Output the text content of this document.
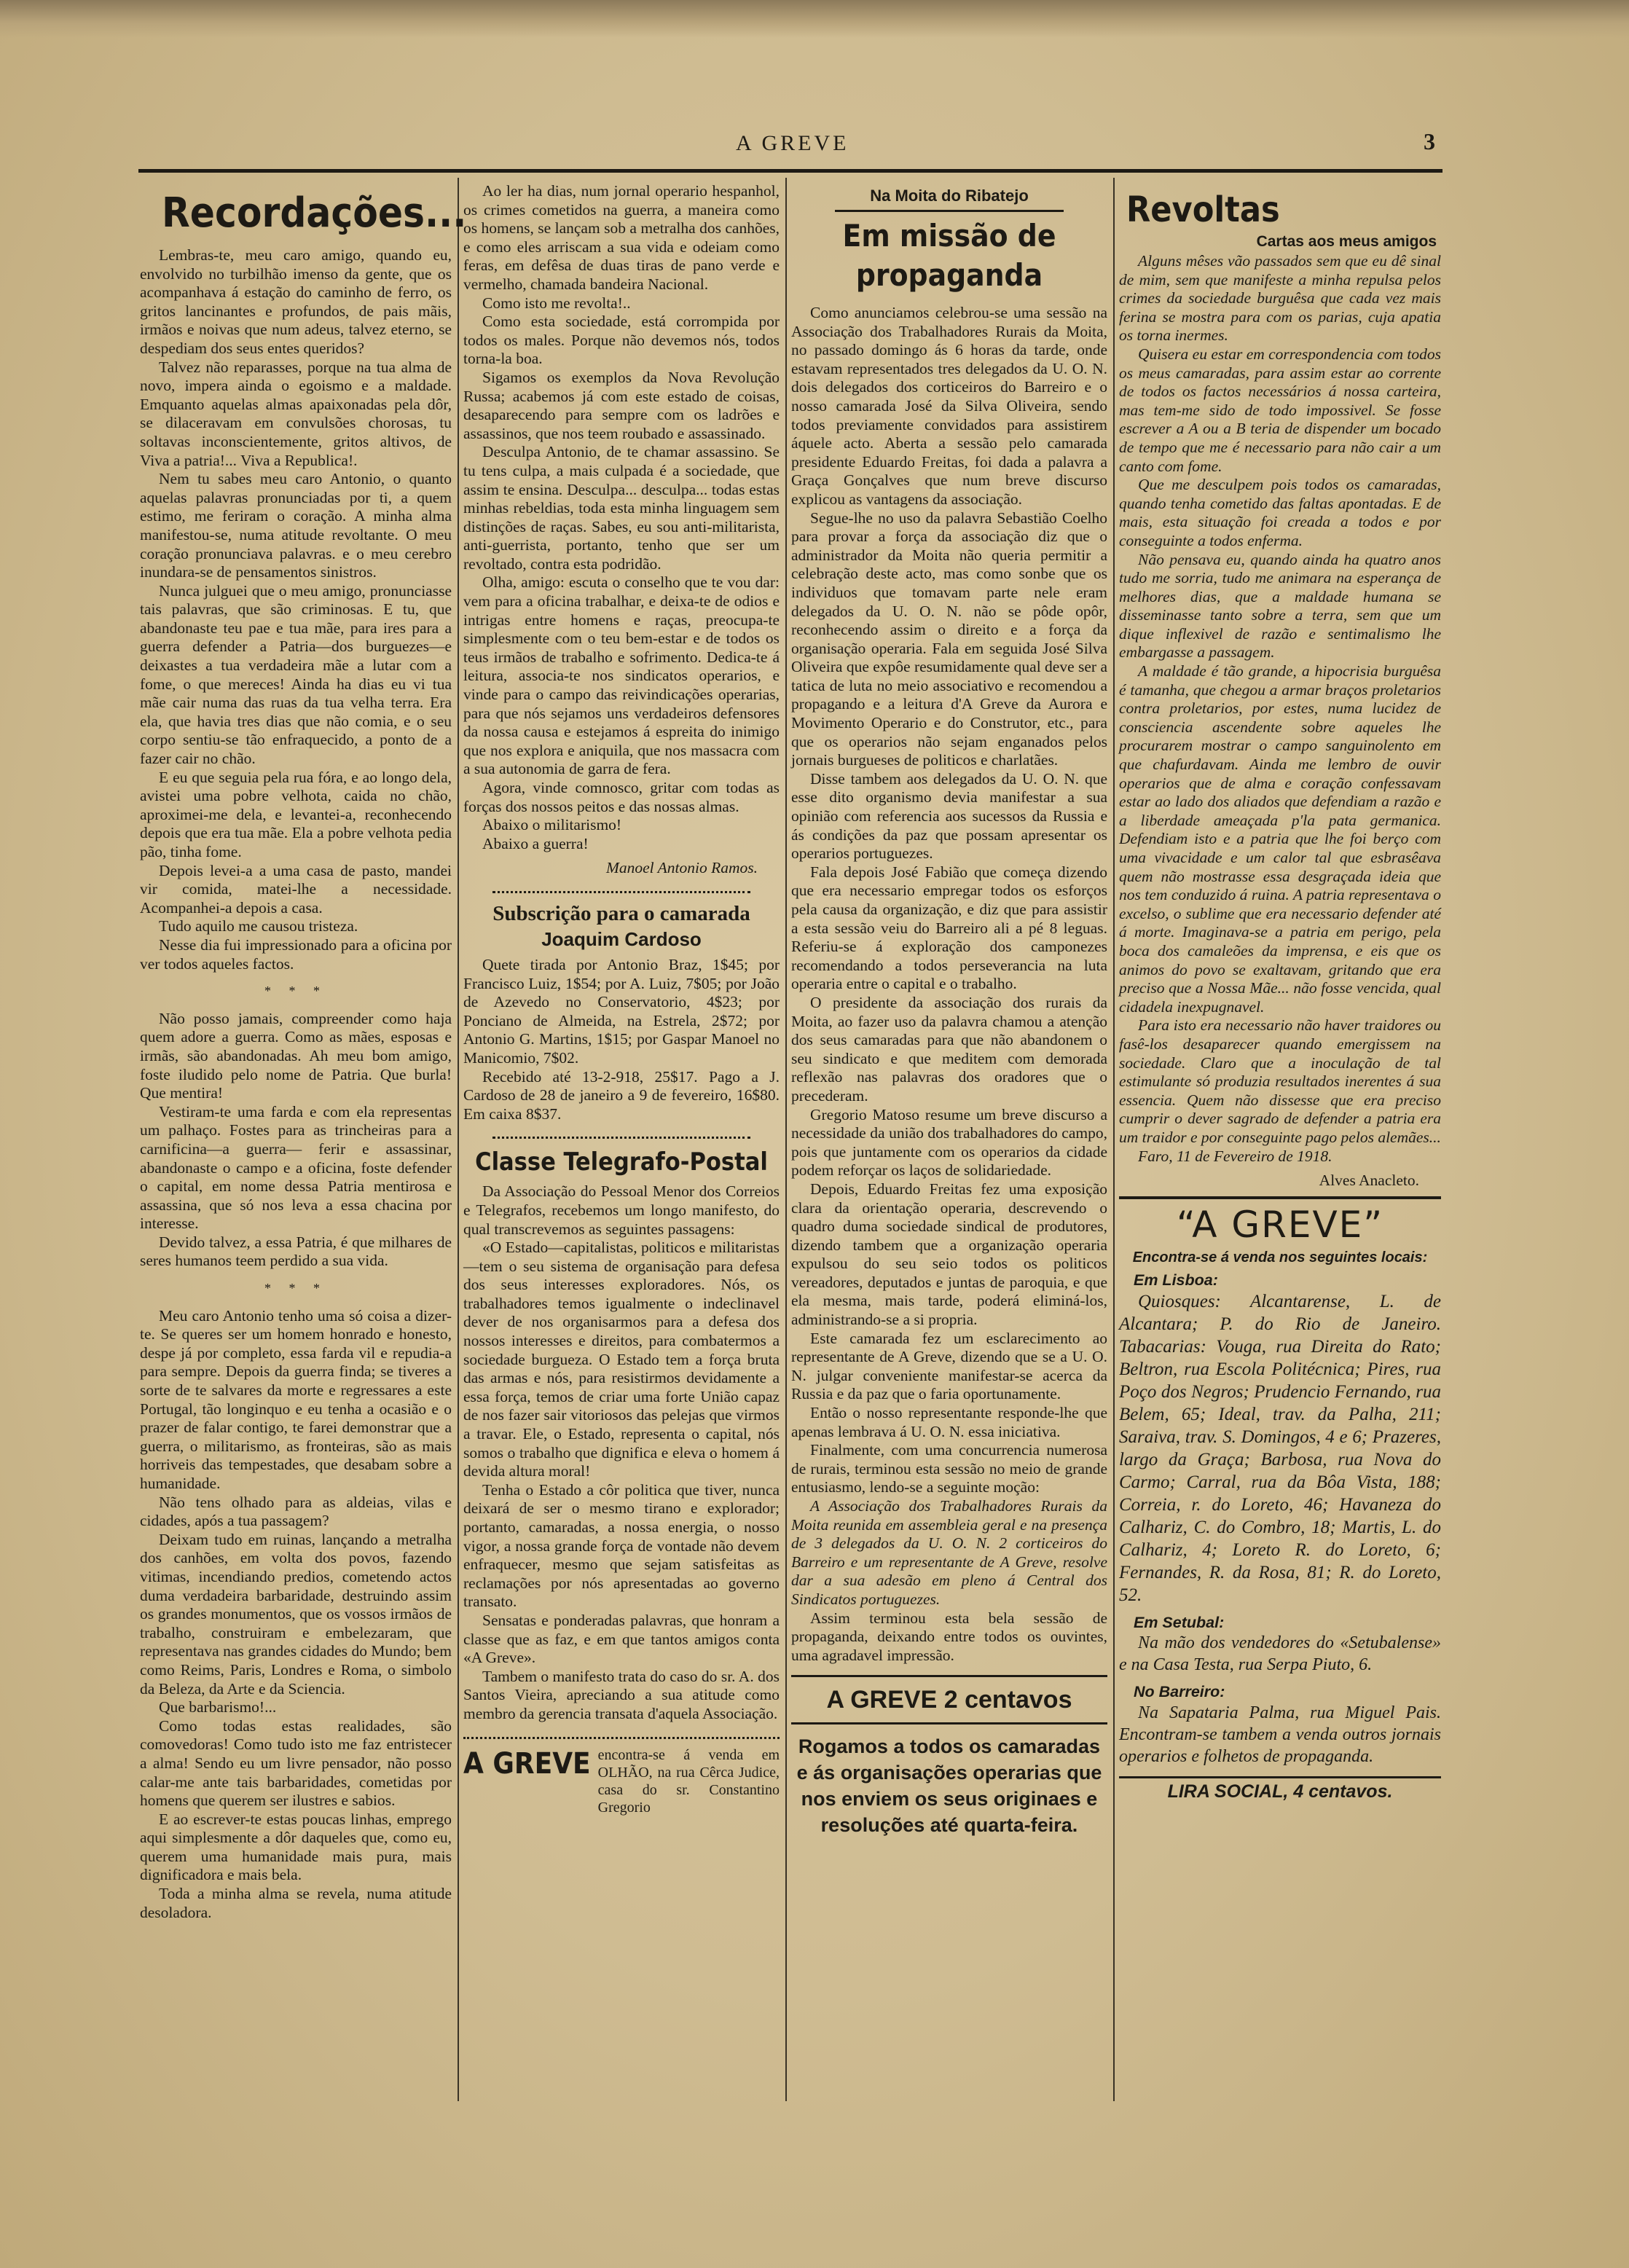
A GREVE	3
Recordações...

Lembras-te, meu caro amigo, quando eu, envolvido no turbilhão imenso da gente, que os acompanhava á estação do caminho de ferro, os gritos lancinantes e profundos, de pais mãis, irmãos e noivas que num adeus, talvez eterno, se despediam dos seus entes queridos?

Talvez não reparasses, porque na tua alma de novo, impera ainda o egoismo e a maldade. Emquanto aquelas almas apaixonadas pela dôr, se dilaceravam em convulsões chorosas, tu soltavas inconscientemente, gritos altivos, de Viva a patria!... Viva a Republica!.

Nem tu sabes meu caro Antonio, o quanto aquelas palavras pronunciadas por ti, a quem estimo, me feriram o coração. A minha alma manifestou-se, numa atitude revoltante. O meu coração pronunciava palavras. e o meu cerebro inundara-se de pensamentos sinistros.

Nunca julguei que o meu amigo, pronunciasse tais palavras, que são criminosas. E tu, que abandonaste teu pae e tua mãe, para ires para a guerra defender a Patria—dos burguezes—e deixastes a tua verdadeira mãe a lutar com a fome, o que mereces! Ainda ha dias eu vi tua mãe cair numa das ruas da tua velha terra. Era ela, que havia tres dias que não comia, e o seu corpo sentiu-se tão enfraquecido, a ponto de a fazer cair no chão.

E eu que seguia pela rua fóra, e ao longo dela, avistei uma pobre velhota, caida no chão, aproximei-me dela, e levantei-a, reconhecendo depois que era tua mãe. Ela a pobre velhota pedia pão, tinha fome.

Depois levei-a a uma casa de pasto, mandei vir comida, matei-lhe a necessidade. Acompanhei-a depois a casa.

Tudo aquilo me causou tristeza.

Nesse dia fui impressionado para a oficina por ver todos aqueles factos.

* * *

Não posso jamais, compreender como haja quem adore a guerra. Como as mães, esposas e irmãs, são abandonadas. Ah meu bom amigo, foste iludido pelo nome de Patria. Que burla! Que mentira!

Vestiram-te uma farda e com ela representas um palhaço. Fostes para as trincheiras para a carnificina—a guerra— ferir e assassinar, abandonaste o campo e a oficina, foste defender o capital, em nome dessa Patria mentirosa e assassina, que só nos leva a essa chacina por interesse.

Devido talvez, a essa Patria, é que milhares de seres humanos teem perdido a sua vida.

* * *

Meu caro Antonio tenho uma só coisa a dizer-te. Se queres ser um homem honrado e honesto, despe já por completo, essa farda vil e repudia-a para sempre. Depois da guerra finda; se tiveres a sorte de te salvares da morte e regressares a este Portugal, tão longinquo e eu tenha a ocasião e o prazer de falar contigo, te farei demonstrar que a guerra, o militarismo, as fronteiras, são as mais horriveis das tempestades, que desabam sobre a humanidade.

Não tens olhado para as aldeias, vilas e cidades, após a tua passagem?

Deixam tudo em ruinas, lançando a metralha dos canhões, em volta dos povos, fazendo vitimas, incendiando predios, cometendo actos duma verdadeira barbaridade, destruindo assim os grandes monumentos, que os vossos irmãos de trabalho, construiram e embelezaram, que representava nas grandes cidades do Mundo; bem como Reims, Paris, Londres e Roma, o simbolo da Beleza, da Arte e da Sciencia.

Que barbarismo!...

Como todas estas realidades, são comovedoras! Como tudo isto me faz entristecer a alma! Sendo eu um livre pensador, não posso calar-me ante tais barbaridades, cometidas por homens que querem ser ilustres e sabios.

E ao escrever-te estas poucas linhas, emprego aqui simplesmente a dôr daqueles que, como eu, querem uma humanidade mais pura, mais dignificadora e mais bela.

Toda a minha alma se revela, numa atitude desoladora.

Ao ler ha dias, num jornal operario hespanhol, os crimes cometidos na guerra, a maneira como os homens, se lançam sob a metralha dos canhões, e como eles arriscam a sua vida e odeiam como feras, em defêsa de duas tiras de pano verde e vermelho, chamada bandeira Nacional.

Como isto me revolta!..

Como esta sociedade, está corrompida por todos os males. Porque não devemos nós, todos torna-la boa.

Sigamos os exemplos da Nova Revolução Russa; acabemos já com este estado de coisas, desaparecendo para sempre com os ladrões e assassinos, que nos teem roubado e assassinado.

Desculpa Antonio, de te chamar assassino. Se tu tens culpa, a mais culpada é a sociedade, que assim te ensina. Desculpa... desculpa... todas estas minhas rebeldias, toda esta minha linguagem sem distinções de raças. Sabes, eu sou anti-militarista, anti-guerrista, portanto, tenho que ser um revoltado, contra esta podridão.

Olha, amigo: escuta o conselho que te vou dar: vem para a oficina trabalhar, e deixa-te de odios e intrigas entre homens e raças, preocupa-te simplesmente com o teu bem-estar e de todos os teus irmãos de trabalho e sofrimento. Dedica-te á leitura, associa-te nos sindicatos operarios, e vinde para o campo das reivindicações operarias, para que nós sejamos uns verdadeiros defensores da nossa causa e estejamos á espreita do inimigo que nos explora e aniquila, que nos massacra com a sua autonomia de garra de fera.

Agora, vinde comnosco, gritar com todas as forças dos nossos peitos e das nossas almas.

Abaixo o militarismo!

Abaixo a guerra!

Manoel Antonio Ramos.

Subscrição para o camarada
Joaquim Cardoso

Quete tirada por Antonio Braz, 1$45; por Francisco Luiz, 1$54; por A. Luiz, 7$05; por João de Azevedo no Conservatorio, 4$23; por Ponciano de Almeida, na Estrela, 2$72; por Antonio G. Martins, 1$15; por Gaspar Manoel no Manicomio, 7$02.

Recebido até 13-2-918, 25$17. Pago a J. Cardoso de 28 de janeiro a 9 de fevereiro, 16$80. Em caixa 8$37.

Classe Telegrafo-Postal

Da Associação do Pessoal Menor dos Correios e Telegrafos, recebemos um longo manifesto, do qual transcrevemos as seguintes passagens:

«O Estado—capitalistas, politicos e militaristas—tem o seu sistema de organisação para defesa dos seus interesses exploradores. Nós, os trabalhadores temos igualmente o indeclinavel dever de nos organisarmos para a defesa dos nossos interesses e direitos, para combatermos a sociedade burgueza. O Estado tem a força bruta das armas e nós, para resistirmos devidamente a essa força, temos de criar uma forte União capaz de nos fazer sair vitoriosos das pelejas que virmos a travar. Ele, o Estado, representa o capital, nós somos o trabalho que dignifica e eleva o homem á devida altura moral!

Tenha o Estado a côr politica que tiver, nunca deixará de ser o mesmo tirano e explorador; portanto, camaradas, a nossa energia, o nosso vigor, a nossa grande força de vontade não devem enfraquecer, mesmo que sejam satisfeitas as reclamações por nós apresentadas ao governo transato.

Sensatas e ponderadas palavras, que honram a classe que as faz, e em que tantos amigos conta «A Greve».

Tambem o manifesto trata do caso do sr. A. dos Santos Vieira, apreciando a sua atitude como membro da gerencia transata d'aquela Associação.

A GREVE encontra-se á venda em OLHÃO, na rua Cêrca Judice, casa do sr. Constantino Gregorio
Na Moita do Ribatejo
Em missão de propaganda

Como anunciamos celebrou-se uma sessão na Associação dos Trabalhadores Rurais da Moita, no passado domingo ás 6 horas da tarde, onde estavam representados tres delegados da U. O. N. dois delegados dos corticeiros do Barreiro e o nosso camarada José da Silva Oliveira, sendo todos previamente convidados para assistirem áquele acto. Aberta a sessão pelo camarada presidente Eduardo Freitas, foi dada a palavra a Graça Gonçalves que num breve discurso explicou as vantagens da associação.

Segue-lhe no uso da palavra Sebastião Coelho para provar a força da associação diz que o administrador da Moita não queria permitir a celebração deste acto, mas como sonbe que os individuos que tomavam parte nele eram delegados da U. O. N. não se pôde opôr, reconhecendo assim o direito e a força da organisação operaria. Fala em seguida José Silva Oliveira que expôe resumidamente qual deve ser a tatica de luta no meio associativo e recomendou a propagando e a leitura d'A Greve da Aurora e Movimento Operario e do Construtor, etc., para que os operarios não sejam enganados pelos jornais burgueses de politicos e charlatães.

Disse tambem aos delegados da U. O. N. que esse dito organismo devia manifestar a sua opinião com referencia aos sucessos da Russia e ás condições da paz que possam apresentar os operarios portuguezes.

Fala depois José Fabião que começa dizendo que era necessario empregar todos os esforços pela causa da organização, e diz que para assistir a esta sessão veiu do Barreiro ali a pé 8 leguas. Referiu-se á exploração dos camponezes recomendando a todos perseverancia na luta operaria entre o capital e o trabalho.

O presidente da associação dos rurais da Moita, ao fazer uso da palavra chamou a atenção dos seus camaradas para que não abandonem o seu sindicato e que meditem com demorada reflexão nas palavras dos oradores que o precederam.

Gregorio Matoso resume um breve discurso a necessidade da união dos trabalhadores do campo, pois que juntamente com os operarios da cidade podem reforçar os laços de solidariedade.

Depois, Eduardo Freitas fez uma exposição clara da orientação operaria, descrevendo o quadro duma sociedade sindical de produtores, dizendo tambem que a organização operaria expulsou do seu seio todos os politicos vereadores, deputados e juntas de paroquia, e que ela mesma, mais tarde, poderá eliminá-los, administrando-se a si propria.

Este camarada fez um esclarecimento ao representante de A Greve, dizendo que se a U. O. N. julgar conveniente manifestar-se acerca da Russia e da paz que o faria oportunamente.

Então o nosso representante responde-lhe que apenas lembrava á U. O. N. essa iniciativa.

Finalmente, com uma concurrencia numerosa de rurais, terminou esta sessão no meio de grande entusiasmo, lendo-se a seguinte moção:

A Associação dos Trabalhadores Rurais da Moita reunida em assembleia geral e na presença de 3 delegados da U. O. N. 2 corticeiros do Barreiro e um representante de A Greve, resolve dar a sua adesão em pleno á Central dos Sindicatos portuguezes.

Assim terminou esta bela sessão de propaganda, deixando entre todos os ouvintes, uma agradavel impressão.

A GREVE 2 centavos

Rogamos a todos os camaradas e ás organisações operarias que nos enviem os seus originaes e resoluções até quarta-feira.

Revoltas
Cartas aos meus amigos

Alguns mêses vão passados sem que eu dê sinal de mim, sem que manifeste a minha repulsa pelos crimes da sociedade burguêsa que cada vez mais ferina se mostra para com os parias, cuja apatia os torna inermes.

Quisera eu estar em correspondencia com todos os meus camaradas, para assim estar ao corrente de todos os factos necessários á nossa carteira, mas tem-me sido de todo impossivel. Se fosse escrever a A ou a B teria de dispender um bocado de tempo que me é necessario para não cair a um canto com fome.

Que me desculpem pois todos os camaradas, quando tenha cometido das faltas apontadas. E de mais, esta situação foi creada a todos e por conseguinte a todos enferma.

Não pensava eu, quando ainda ha quatro anos tudo me sorria, tudo me animara na esperança de melhores dias, que a maldade humana se disseminasse tanto sobre a terra, sem que um dique inflexivel de razão e sentimalismo lhe embargasse a passagem.

A maldade é tão grande, a hipocrisia burguêsa é tamanha, que chegou a armar braços proletarios contra proletarios, por estes, numa lucidez de consciencia ascendente sobre aqueles lhe procurarem mostrar o campo sanguinolento em que chafurdavam. Ainda me lembro de ouvir operarios que de alma e coração confessavam estar ao lado dos aliados que defendiam a razão e a liberdade ameaçada p'la pata germanica. Defendiam isto e a patria que lhe foi berço com uma vivacidade e um calor tal que esbrasêava quem não mostrasse essa desgraçada ideia que nos tem conduzido á ruina. A patria representava o excelso, o sublime que era necessario defender até á morte. Imaginava-se a patria em perigo, pela boca dos camaleões da imprensa, e eis que os animos do povo se exaltavam, gritando que era preciso que a Nossa Mãe... não fosse vencida, qual cidadela inexpugnavel.

Para isto era necessario não haver traidores ou fasê-los desaparecer quando emergissem na sociedade. Claro que a inoculação de tal estimulante só produzia resultados inerentes á sua essencia. Quem não dissesse que era preciso cumprir o dever sagrado de defender a patria era um traidor e por conseguinte pago pelos alemães...

Faro, 11 de Fevereiro de 1918.

Alves Anacleto.

“A GREVE”

Encontra-se á venda nos seguintes locais:

Em Lisboa:

Quiosques: Alcantarense, L. de Alcantara; P. do Rio de Janeiro. Tabacarias: Vouga, rua Direita do Rato; Beltron, rua Escola Politécnica; Pires, rua Poço dos Negros; Prudencio Fernando, rua Belem, 65; Ideal, trav. da Palha, 211; Saraiva, trav. S. Domingos, 4 e 6; Prazeres, largo da Graça; Barbosa, rua Nova do Carmo; Carral, rua da Bôa Vista, 188; Correia, r. do Loreto, 46; Havaneza do Calhariz, C. do Combro, 18; Martis, L. do Calhariz, 4; Loreto R. do Loreto, 6; Fernandes, R. da Rosa, 81; R. do Loreto, 52.

Em Setubal:

Na mão dos vendedores do «Setubalense» e na Casa Testa, rua Serpa Piuto, 6.

No Barreiro:

Na Sapataria Palma, rua Miguel Pais. Encontram-se tambem a venda outros jornais operarios e folhetos de propaganda.

LIRA SOCIAL, 4 centavos.
